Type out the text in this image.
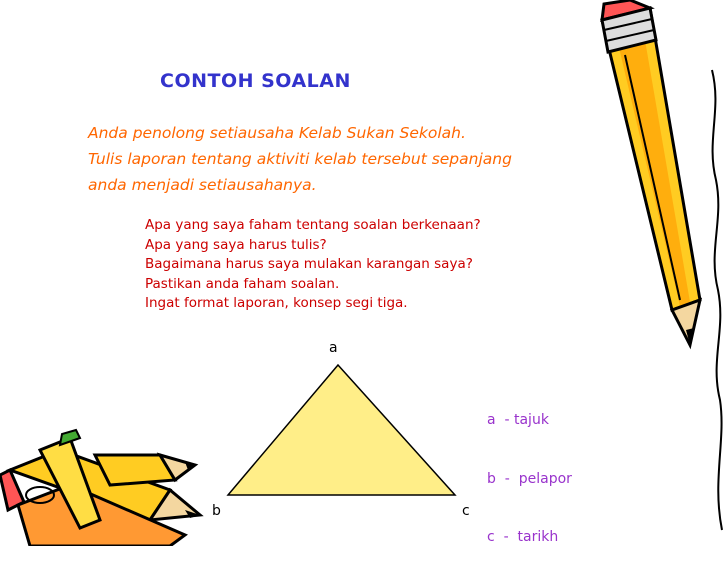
CONTOH SOALAN
Anda penolong setiausaha Kelab Sukan Sekolah.
Tulis laporan tentang aktiviti kelab tersebut sepanjang
anda menjadi setiausahanya.
Apa yang saya faham tentang soalan berkenaan?
Apa yang saya harus tulis?
Bagaimana harus saya mulakan karangan saya?
Pastikan anda faham soalan.
Ingat format laporan, konsep segi tiga.
a
b	c

a  - tajuk

b  -  pelapor

c  -  tarikh
